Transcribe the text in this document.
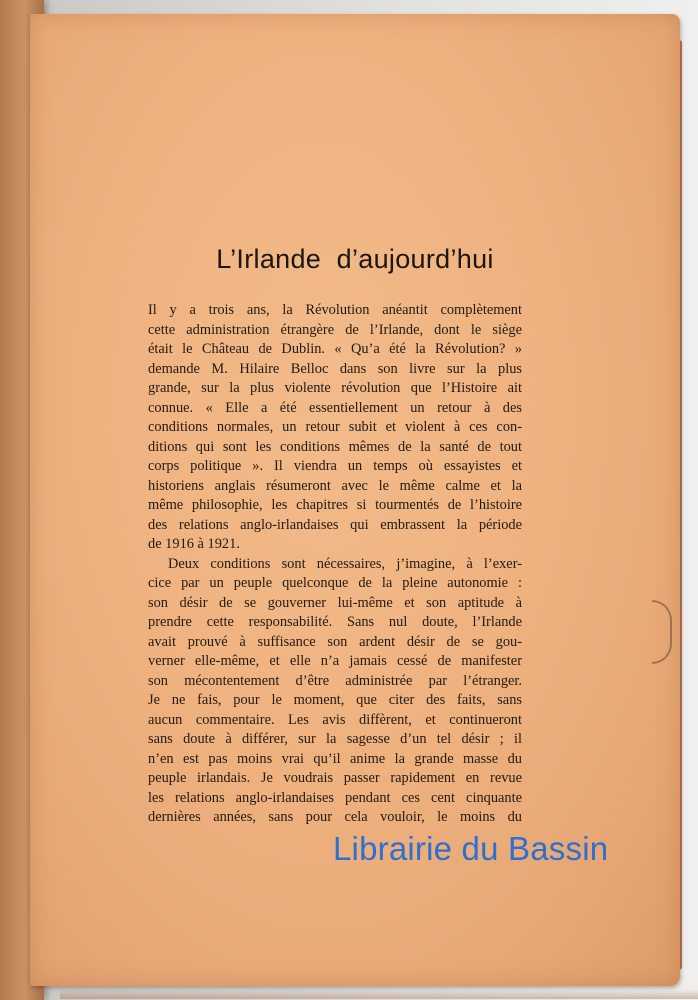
L’Irlande  d’aujourd’hui
Il y a trois ans, la Révolution anéantit complètement
cette administration étrangère de l’Irlande, dont le siège
était le Château de Dublin. « Qu’a été la Révolution? »
demande M. Hilaire Belloc dans son livre sur la plus
grande, sur la plus violente révolution que l’Histoire ait
connue. « Elle a été essentiellement un retour à des
conditions normales, un retour subit et violent à ces con-
ditions qui sont les conditions mêmes de la santé de tout
corps politique ». Il viendra un temps où essayistes et
historiens anglais résumeront avec le même calme et la
même philosophie, les chapitres si tourmentés de l’histoire
des relations anglo-irlandaises qui embrassent la période
de 1916 à 1921.
Deux conditions sont nécessaires, j’imagine, à l’exer-
cice par un peuple quelconque de la pleine autonomie :
son désir de se gouverner lui-même et son aptitude à
prendre cette responsabilité. Sans nul doute, l’Irlande
avait prouvé à suffisance son ardent désir de se gou-
verner elle-même, et elle n’a jamais cessé de manifester
son mécontentement d’être administrée par l’étranger.
Je ne fais, pour le moment, que citer des faits, sans
aucun commentaire. Les avis diffèrent, et continueront
sans doute à différer, sur la sagesse d’un tel désir ; il
n’en est pas moins vrai qu’il anime la grande masse du
peuple irlandais. Je voudrais passer rapidement en revue
les relations anglo-irlandaises pendant ces cent cinquante
dernières années, sans pour cela vouloir, le moins du
Librairie du Bassin
